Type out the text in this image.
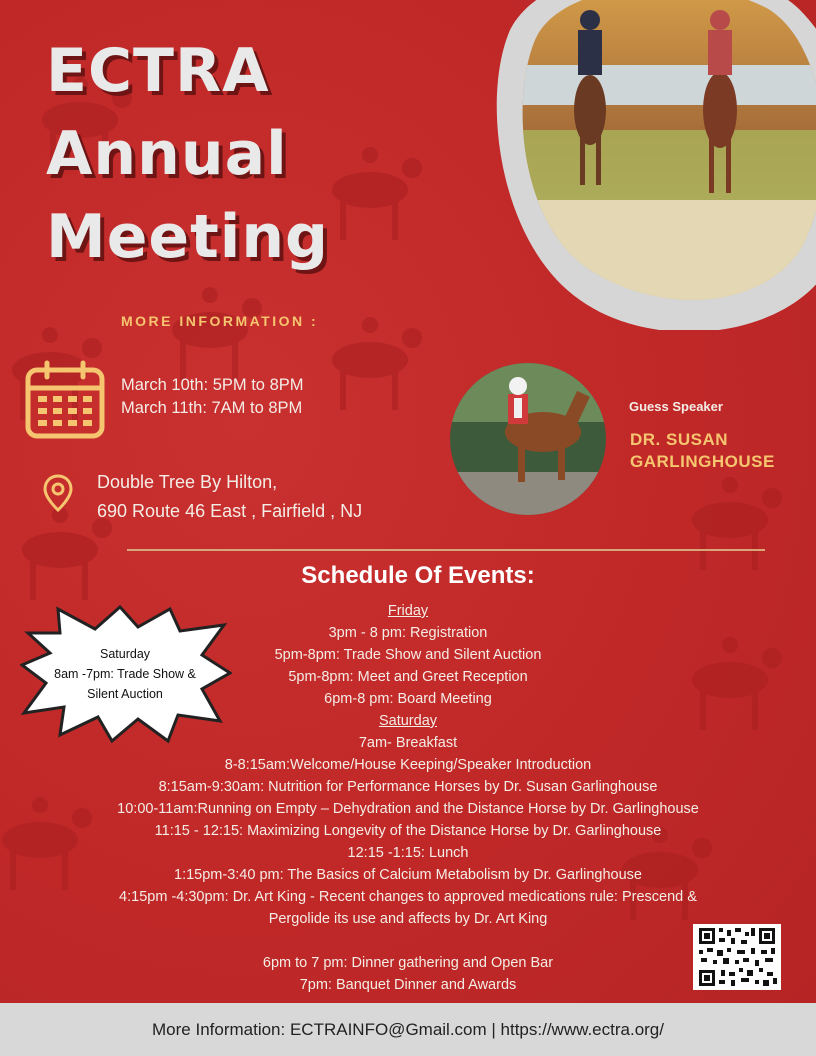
ECTRA
Annual
Meeting
MORE INFORMATION :
March 10th: 5PM to 8PM
March 11th: 7AM to 8PM
Double Tree By Hilton,
690 Route 46 East , Fairfield , NJ
Guess Speaker
DR. SUSAN
GARLINGHOUSE
Schedule Of Events:
Friday
3pm - 8 pm: Registration
5pm-8pm: Trade Show and Silent Auction
5pm-8pm: Meet and Greet Reception
6pm-8 pm: Board Meeting
Saturday
7am- Breakfast
8-8:15am:Welcome/House Keeping/Speaker Introduction
8:15am-9:30am: Nutrition for Performance Horses by Dr. Susan Garlinghouse
10:00-11am:Running on Empty – Dehydration and the Distance Horse by Dr. Garlinghouse
11:15 - 12:15: Maximizing Longevity of the Distance Horse by Dr. Garlinghouse
12:15 -1:15: Lunch
1:15pm-3:40 pm: The Basics of Calcium Metabolism by Dr. Garlinghouse
4:15pm -4:30pm: Dr. Art King - Recent changes to approved medications rule: Prescend &
Pergolide its use and affects by Dr. Art King

6pm to 7 pm: Dinner gathering and Open Bar
7pm: Banquet Dinner and Awards
Saturday
8am -7pm: Trade Show &
Silent Auction
More Information: ECTRAINFO@Gmail.com | https://www.ectra.org/
